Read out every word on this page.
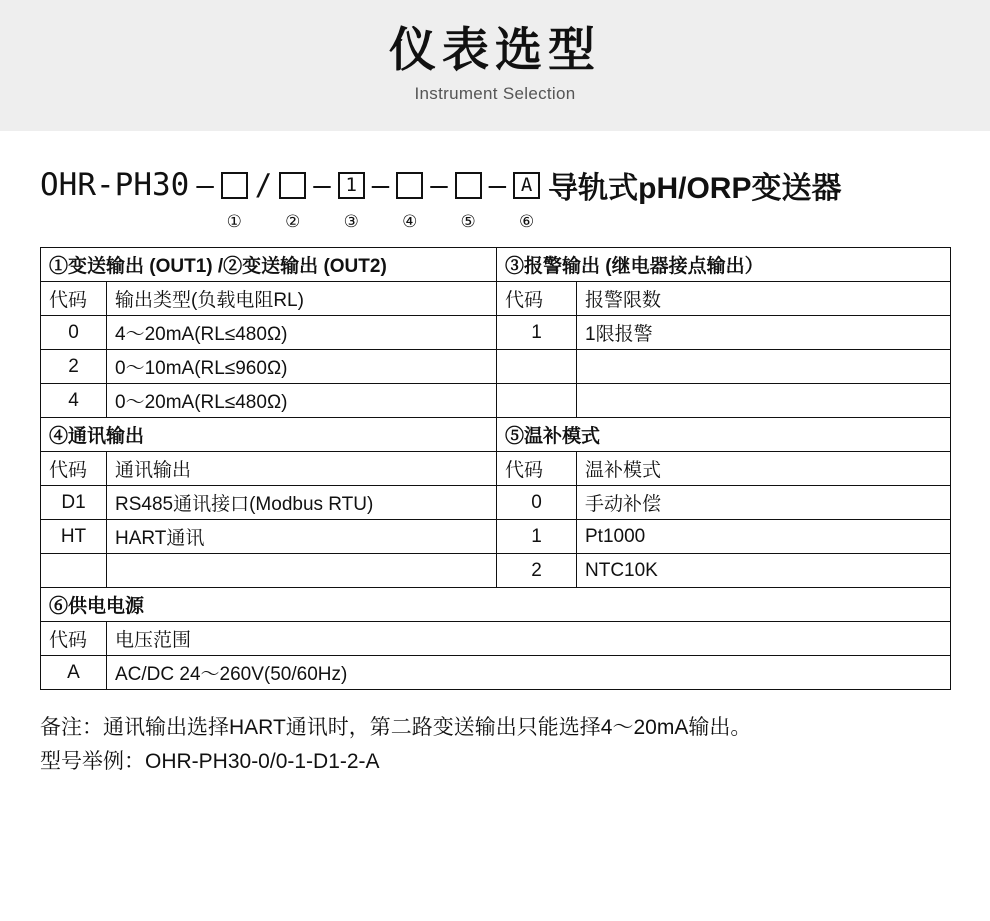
仪表选型
Instrument Selection
OHR-PH30 – / – 1 – – – A 导轨式pH/ORP变送器
①	②	③	④	⑤	⑥
①变送输出 (OUT1) /②变送输出 (OUT2)		③报警输出 (继电器接点输出）	
代码	输出类型(负载电阻RL)	代码	报警限数
0	4～20mA(RL≤480Ω)	1	1限报警
2	0～10mA(RL≤960Ω)		
4	0～20mA(RL≤480Ω)		
④通讯输出		⑤温补模式	
代码	通讯输出	代码	温补模式
D1	RS485通讯接口(Modbus RTU)	0	手动补偿
HT	HART通讯	1	Pt1000
		2	NTC10K
⑥供电电源			
代码	电压范围		
A	AC/DC 24～260V(50/60Hz)		
备注：通讯输出选择HART通讯时，第二路变送输出只能选择4～20mA输出。
型号举例：OHR-PH30-0/0-1-D1-2-A
